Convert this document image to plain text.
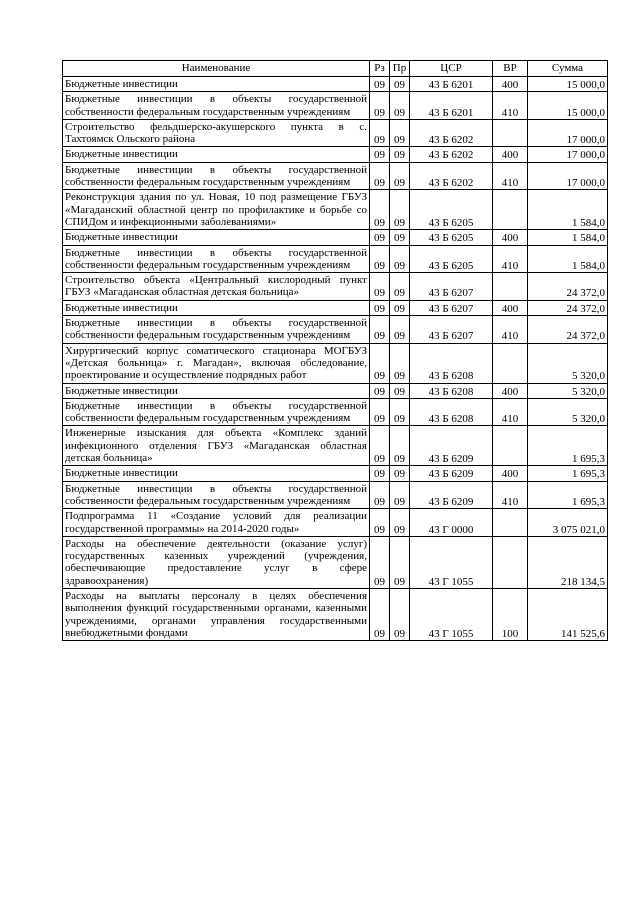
Наименование	Рз	Пр	ЦСР	ВР	Сумма
Бюджетные инвестиции	09	09	43 Б 6201	400	15 000,0
Бюджетные инвестиции в объекты государственной собственности федеральным государственным учреждениям	09	09	43 Б 6201	410	15 000,0
Строительство фельдшерско-акушерского пункта в с. Тахтоямск Ольского района	09	09	43 Б 6202		17 000,0
Бюджетные инвестиции	09	09	43 Б 6202	400	17 000,0
Бюджетные инвестиции в объекты государственной собственности федеральным государственным учреждениям	09	09	43 Б 6202	410	17 000,0
Реконструкция здания по ул. Новая, 10 под размещение ГБУЗ «Магаданский областной центр по профилактике и борьбе со СПИДом и инфекционными заболеваниями»	09	09	43 Б 6205		1 584,0
Бюджетные инвестиции	09	09	43 Б 6205	400	1 584,0
Бюджетные инвестиции в объекты государственной собственности федеральным государственным учреждениям	09	09	43 Б 6205	410	1 584,0
Строительство объекта «Центральный кислородный пункт ГБУЗ «Магаданская областная детская больница»	09	09	43 Б 6207		24 372,0
Бюджетные инвестиции	09	09	43 Б 6207	400	24 372,0
Бюджетные инвестиции в объекты государственной собственности федеральным государственным учреждениям	09	09	43 Б 6207	410	24 372,0
Хирургический корпус соматического стационара МОГБУЗ «Детская больница» г. Магадан», включая обследование, проектирование и осуществление подрядных работ	09	09	43 Б 6208		5 320,0
Бюджетные инвестиции	09	09	43 Б 6208	400	5 320,0
Бюджетные инвестиции в объекты государственной собственности федеральным государственным учреждениям	09	09	43 Б 6208	410	5 320,0
Инженерные изыскания для объекта «Комплекс зданий инфекционного отделения ГБУЗ «Магаданская областная детская больница»	09	09	43 Б 6209		1 695,3
Бюджетные инвестиции	09	09	43 Б 6209	400	1 695,3
Бюджетные инвестиции в объекты государственной собственности федеральным государственным учреждениям	09	09	43 Б 6209	410	1 695,3
Подпрограмма 11 «Создание условий для реализации государственной программы» на 2014-2020 годы»	09	09	43 Г 0000		3 075 021,0
Расходы на обеспечение деятельности (оказание услуг) государственных казенных учреждений (учреждения, обеспечивающие предоставление услуг в сфере здравоохранения)	09	09	43 Г 1055		218 134,5
Расходы на выплаты персоналу в целях обеспечения выполнения функций государственными органами, казенными учреждениями, органами управления государственными внебюджетными фондами	09	09	43 Г 1055	100	141 525,6
